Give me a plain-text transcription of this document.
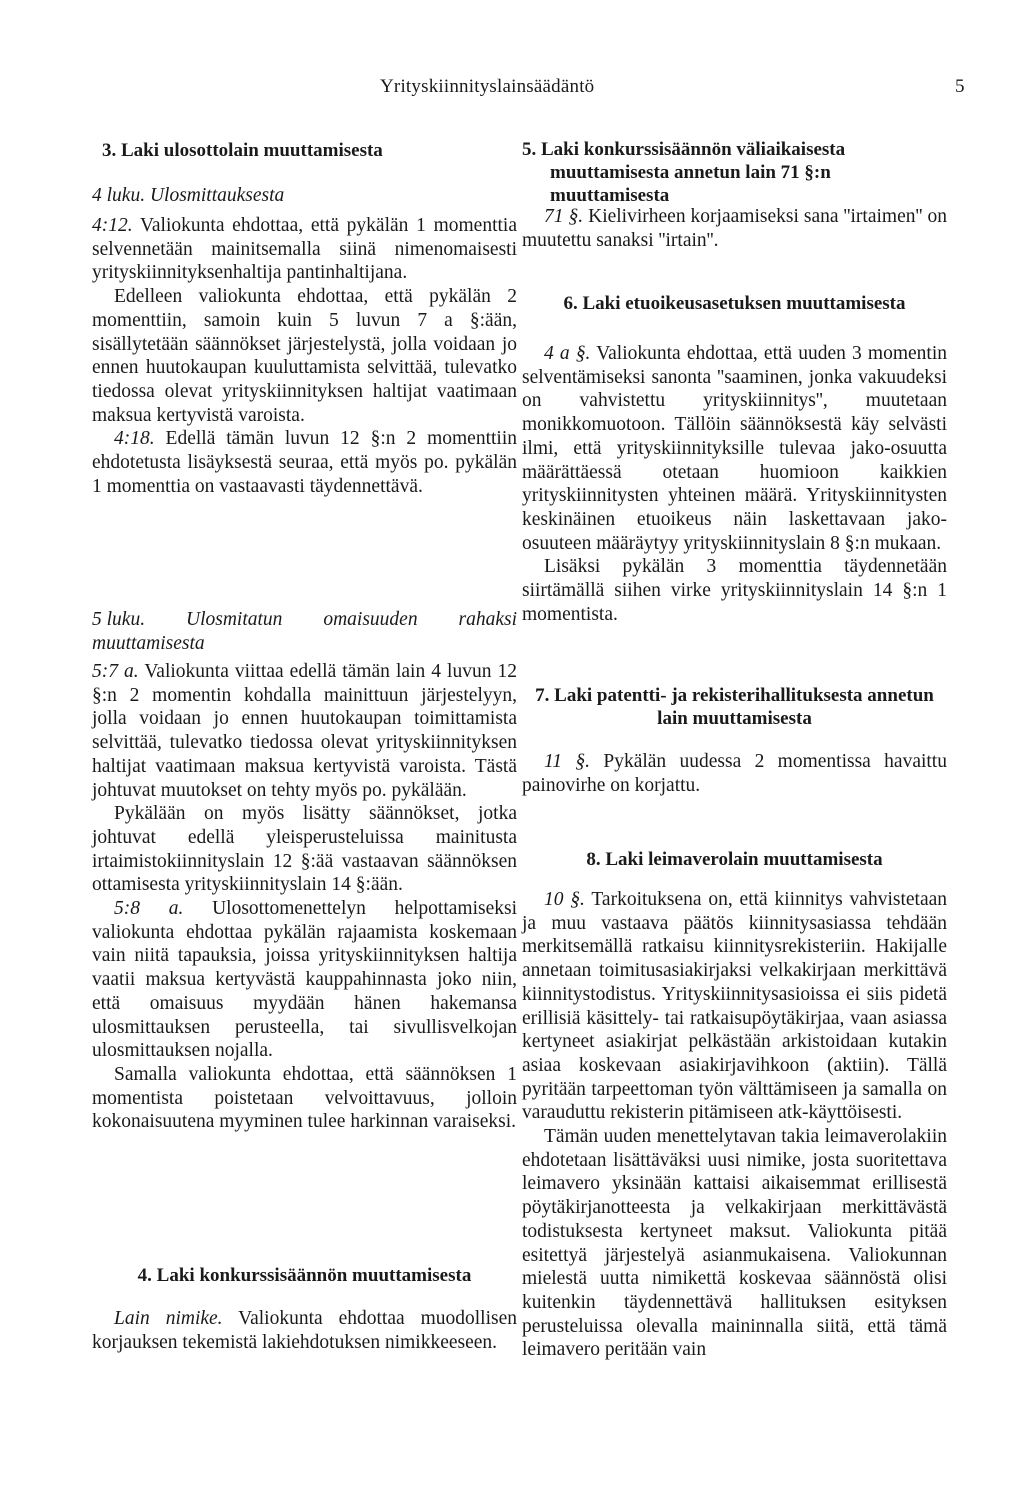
Yrityskiinnityslainsäädäntö	5
3. Laki ulosottolain muuttamisesta
4 luku. Ulosmittauksesta

4:12. Valiokunta ehdottaa, että pykälän 1 momenttia selvennetään mainitsemalla siinä nimenomaisesti yrityskiinnityksenhaltija pantinhaltijana.

Edelleen valiokunta ehdottaa, että pykälän 2 momenttiin, samoin kuin 5 luvun 7 a §:ään, sisällytetään säännökset järjestelystä, jolla voidaan jo ennen huutokaupan kuuluttamista selvittää, tulevatko tiedossa olevat yrityskiinnityksen haltijat vaatimaan maksua kertyvistä varoista.

4:18. Edellä tämän luvun 12 §:n 2 momenttiin ehdotetusta lisäyksestä seuraa, että myös po. pykälän 1 momenttia on vastaavasti täydennettävä.

5 luku. Ulosmitatun omaisuuden rahaksi
muuttamisesta

5:7 a. Valiokunta viittaa edellä tämän lain 4 luvun 12 §:n 2 momentin kohdalla mainittuun järjestelyyn, jolla voidaan jo ennen huutokaupan toimittamista selvittää, tulevatko tiedossa olevat yrityskiinnityksen haltijat vaatimaan maksua kertyvistä varoista. Tästä johtuvat muutokset on tehty myös po. pykälään.

Pykälään on myös lisätty säännökset, jotka johtuvat edellä yleisperusteluissa mainitusta irtaimistokiinnityslain 12 §:ää vastaavan säännöksen ottamisesta yrityskiinnityslain 14 §:ään.

5:8 a. Ulosottomenettelyn helpottamiseksi valiokunta ehdottaa pykälän rajaamista koskemaan vain niitä tapauksia, joissa yrityskiinnityksen haltija vaatii maksua kertyvästä kauppahinnasta joko niin, että omaisuus myydään hänen hakemansa ulosmittauksen perusteella, tai sivullisvelkojan ulosmittauksen nojalla.

Samalla valiokunta ehdottaa, että säännöksen 1 momentista poistetaan velvoittavuus, jolloin kokonaisuutena myyminen tulee harkinnan varaiseksi.

4. Laki konkurssisäännön muuttamisesta

Lain nimike. Valiokunta ehdottaa muodollisen korjauksen tekemistä lakiehdotuksen nimikkeeseen.

5. Laki konkurssisäännön väliaikaisesta muuttamisesta annetun lain 71 §:n muuttamisesta

71 §. Kielivirheen korjaamiseksi sana ''irtaimen'' on muutettu sanaksi ''irtain''.

6. Laki etuoikeusasetuksen muuttamisesta

4 a §. Valiokunta ehdottaa, että uuden 3 momentin selventämiseksi sanonta ''saaminen, jonka vakuudeksi on vahvistettu yrityskiinnitys'', muutetaan monikkomuotoon. Tällöin säännöksestä käy selvästi ilmi, että yrityskiinnityksille tulevaa jako-osuutta määrättäessä otetaan huomioon kaikkien yrityskiinnitysten yhteinen määrä. Yrityskiinnitysten keskinäinen etuoikeus näin laskettavaan jako-osuuteen määräytyy yrityskiinnityslain 8 §:n mukaan.

Lisäksi pykälän 3 momenttia täydennetään siirtämällä siihen virke yrityskiinnityslain 14 §:n 1 momentista.

7. Laki patentti- ja rekisterihallituksesta annetun lain muuttamisesta

11 §. Pykälän uudessa 2 momentissa havaittu painovirhe on korjattu.

8. Laki leimaverolain muuttamisesta

10 §. Tarkoituksena on, että kiinnitys vahvistetaan ja muu vastaava päätös kiinnitysasiassa tehdään merkitsemällä ratkaisu kiinnitysrekisteriin. Hakijalle annetaan toimitusasiakirjaksi velkakirjaan merkittävä kiinnitystodistus. Yrityskiinnitysasioissa ei siis pidetä erillisiä käsittely- tai ratkaisupöytäkirjaa, vaan asiassa kertyneet asiakirjat pelkästään arkistoidaan kutakin asiaa koskevaan asiakirjavihkoon (aktiin). Tällä pyritään tarpeettoman työn välttämiseen ja samalla on varauduttu rekisterin pitämiseen atk-käyttöisesti.

Tämän uuden menettelytavan takia leimaverolakiin ehdotetaan lisättäväksi uusi nimike, josta suoritettava leimavero yksinään kattaisi aikaisemmat erillisestä pöytäkirjanotteesta ja velkakirjaan merkittävästä todistuksesta kertyneet maksut. Valiokunta pitää esitettyä järjestelyä asianmukaisena. Valiokunnan mielestä uutta nimikettä koskevaa säännöstä olisi kuitenkin täydennettävä hallituksen esityksen perusteluissa olevalla maininnalla siitä, että tämä leimavero peritään vain
